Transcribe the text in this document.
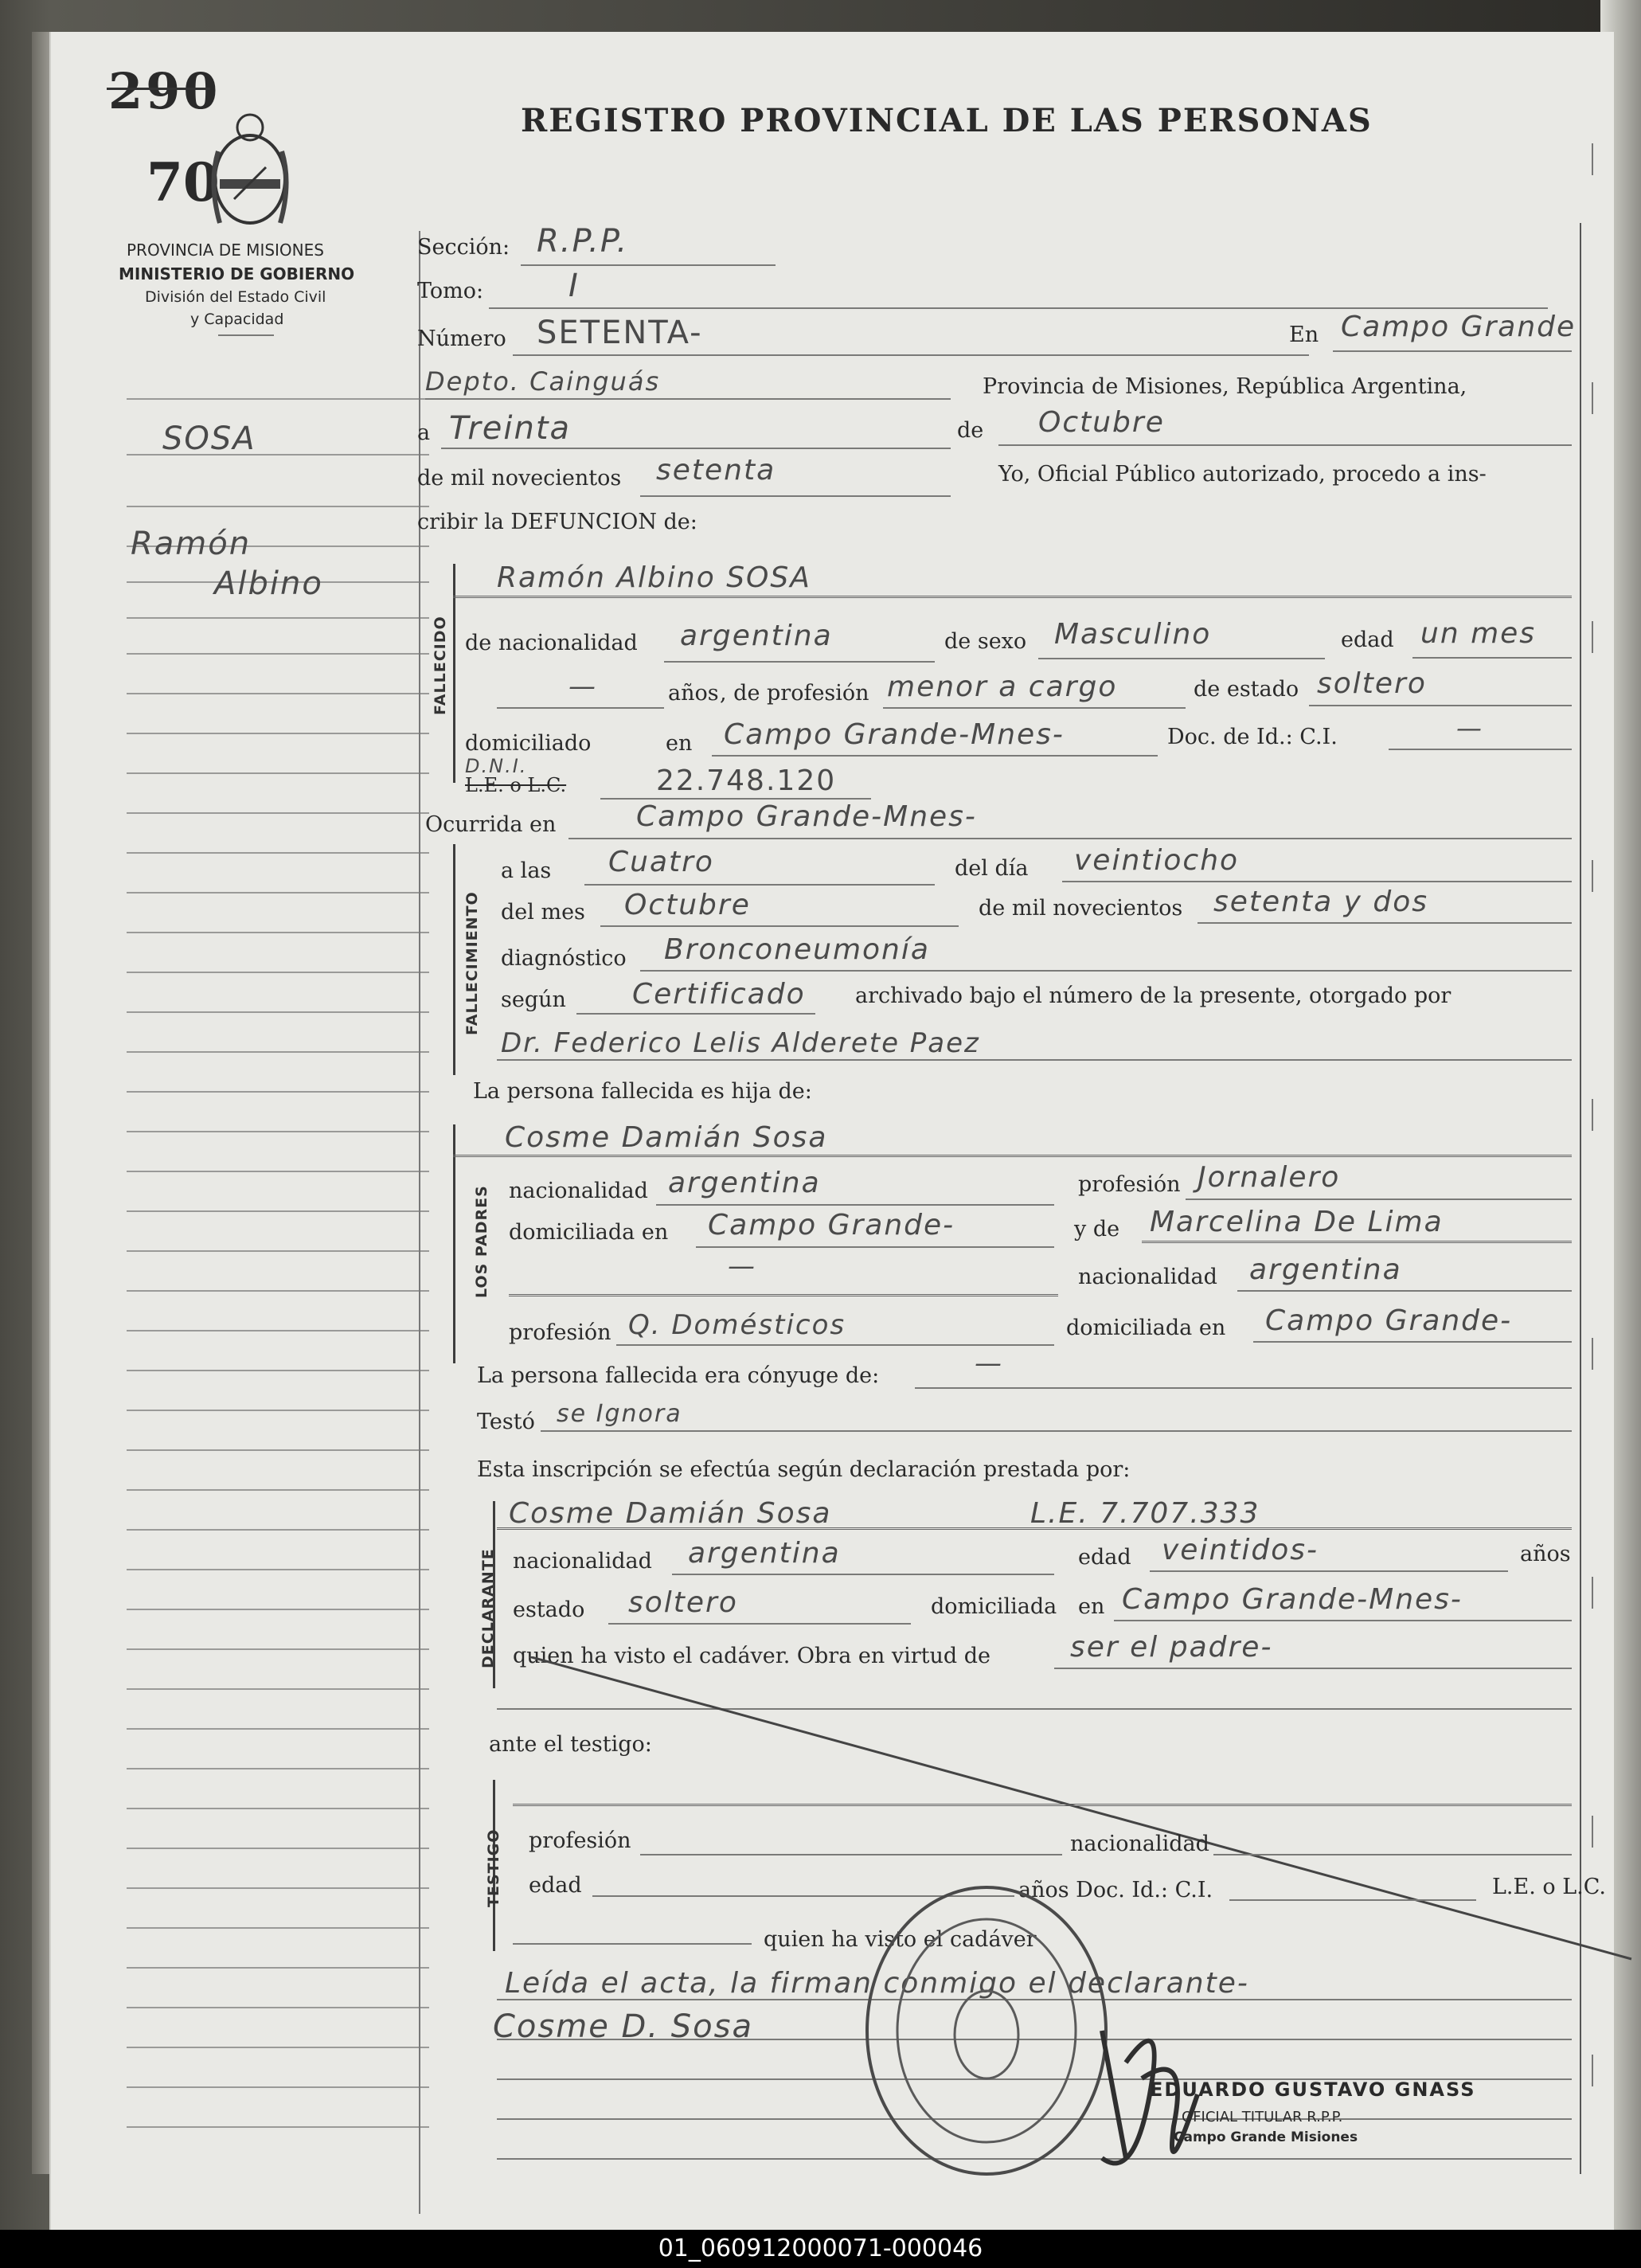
290
70
REGISTRO PROVINCIAL DE LAS PERSONAS
PROVINCIA DE MISIONES
MINISTERIO DE GOBIERNO
División del Estado Civil
y Capacidad
SOSA
Ramón
Albino
Sección: R.P.P.
Tomo:	I
Número SETENTA-	En Campo Grande
Depto. Cainguás	Provincia de Misiones, República Argentina,
a Treinta	de Octubre
de mil novecientos setenta	Yo, Oficial Público autorizado, procedo a ins-
cribir la DEFUNCION de:
FALLECIDO
Ramón Albino SOSA
de nacionalidad argentina	de sexo Masculino	edad un mes
—	años , de profesión menor a cargo	de estado soltero
domiciliado	en Campo Grande-Mnes-	Doc. de Id.: C.I.	—
D.N.I.
L.E. o L.C.	22.748.120
Ocurrida en	Campo Grande-Mnes-
FALLECIMIENTO
a las Cuatro	del día veintiocho
del mes Octubre	de mil novecientos setenta y dos
diagnóstico Bronconeumonía
según Certificado archivado bajo el número de la presente, otorgado por
Dr. Federico Lelis Alderete Paez
La persona fallecida es hija de:
LOS PADRES
Cosme Damián Sosa
nacionalidad argentina	profesión Jornalero
domiciliada en Campo Grande-	y de Marcelina De Lima
—	nacionalidad argentina
profesión Q. Domésticos	domiciliada en Campo Grande-
La persona fallecida era cónyuge de:	—
Testó se Ignora
Esta inscripción se efectúa según declaración prestada por:
DECLARANTE
Cosme Damián Sosa	L.E. 7.707.333
nacionalidad argentina	edad veintidos-	años
estado soltero	domiciliada en Campo Grande-Mnes-
quien ha visto el cadáver. Obra en virtud de	ser el padre-
ante el testigo:
TESTIGO profesión	nacionalidad
edad	años Doc. Id.: C.I.	L.E. o L.C.
quien ha visto el cadáver
Leída el acta, la firman conmigo el declarante-
Cosme D. Sosa
EDUARDO GUSTAVO GNASS
OFICIAL TITULAR R.P.P.
Campo Grande Misiones
01_060912000071-000046
